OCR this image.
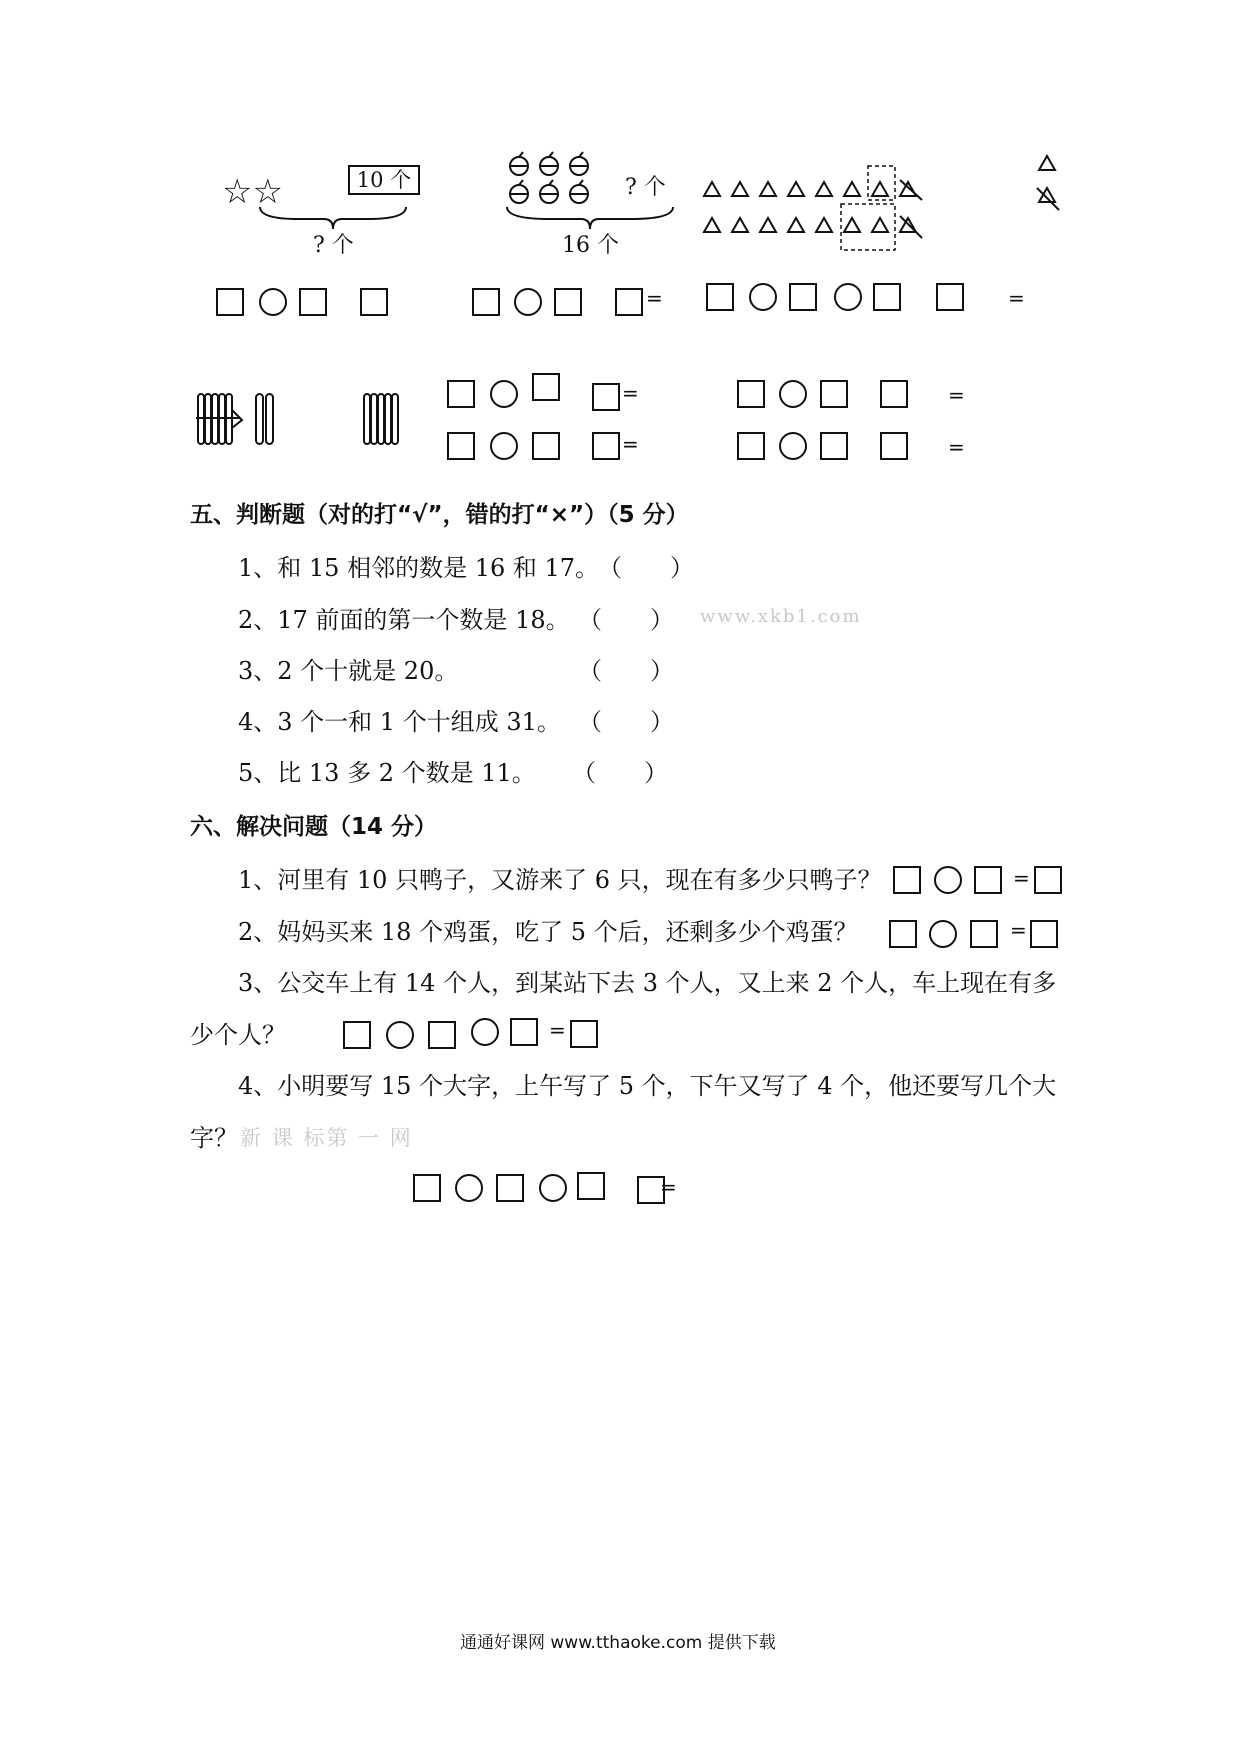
☆☆	10 个
? 个
? 个
16 个
=	=
=
=
=
=
五、判断题（对的打“√”，错的打“×”）（5 分）
1、和 15 相邻的数是 16 和 17。
（　　）
2、17 前面的第一个数是 18。 （　　） www.xkb1.com
3、2 个十就是 20。	（　　）
4、3 个一和 1 个十组成 31。 （　　）
5、比 13 多 2 个数是 11。 （　　）
六、解决问题（14 分）
1、河里有 10 只鸭子，又游来了 6 只，现在有多少只鸭子？	=
2、妈妈买来 18 个鸡蛋，吃了 5 个后，还剩多少个鸡蛋？	=
3、公交车上有 14 个人，到某站下去 3 个人，又上来 2 个人，车上现在有多
少个人？	=
4、小明要写 15 个大字，上午写了 5 个，下午又写了 4 个，他还要写几个大
字？ 新 课 标第 一 网
=
通通好课网 www.tthaoke.com 提供下载
